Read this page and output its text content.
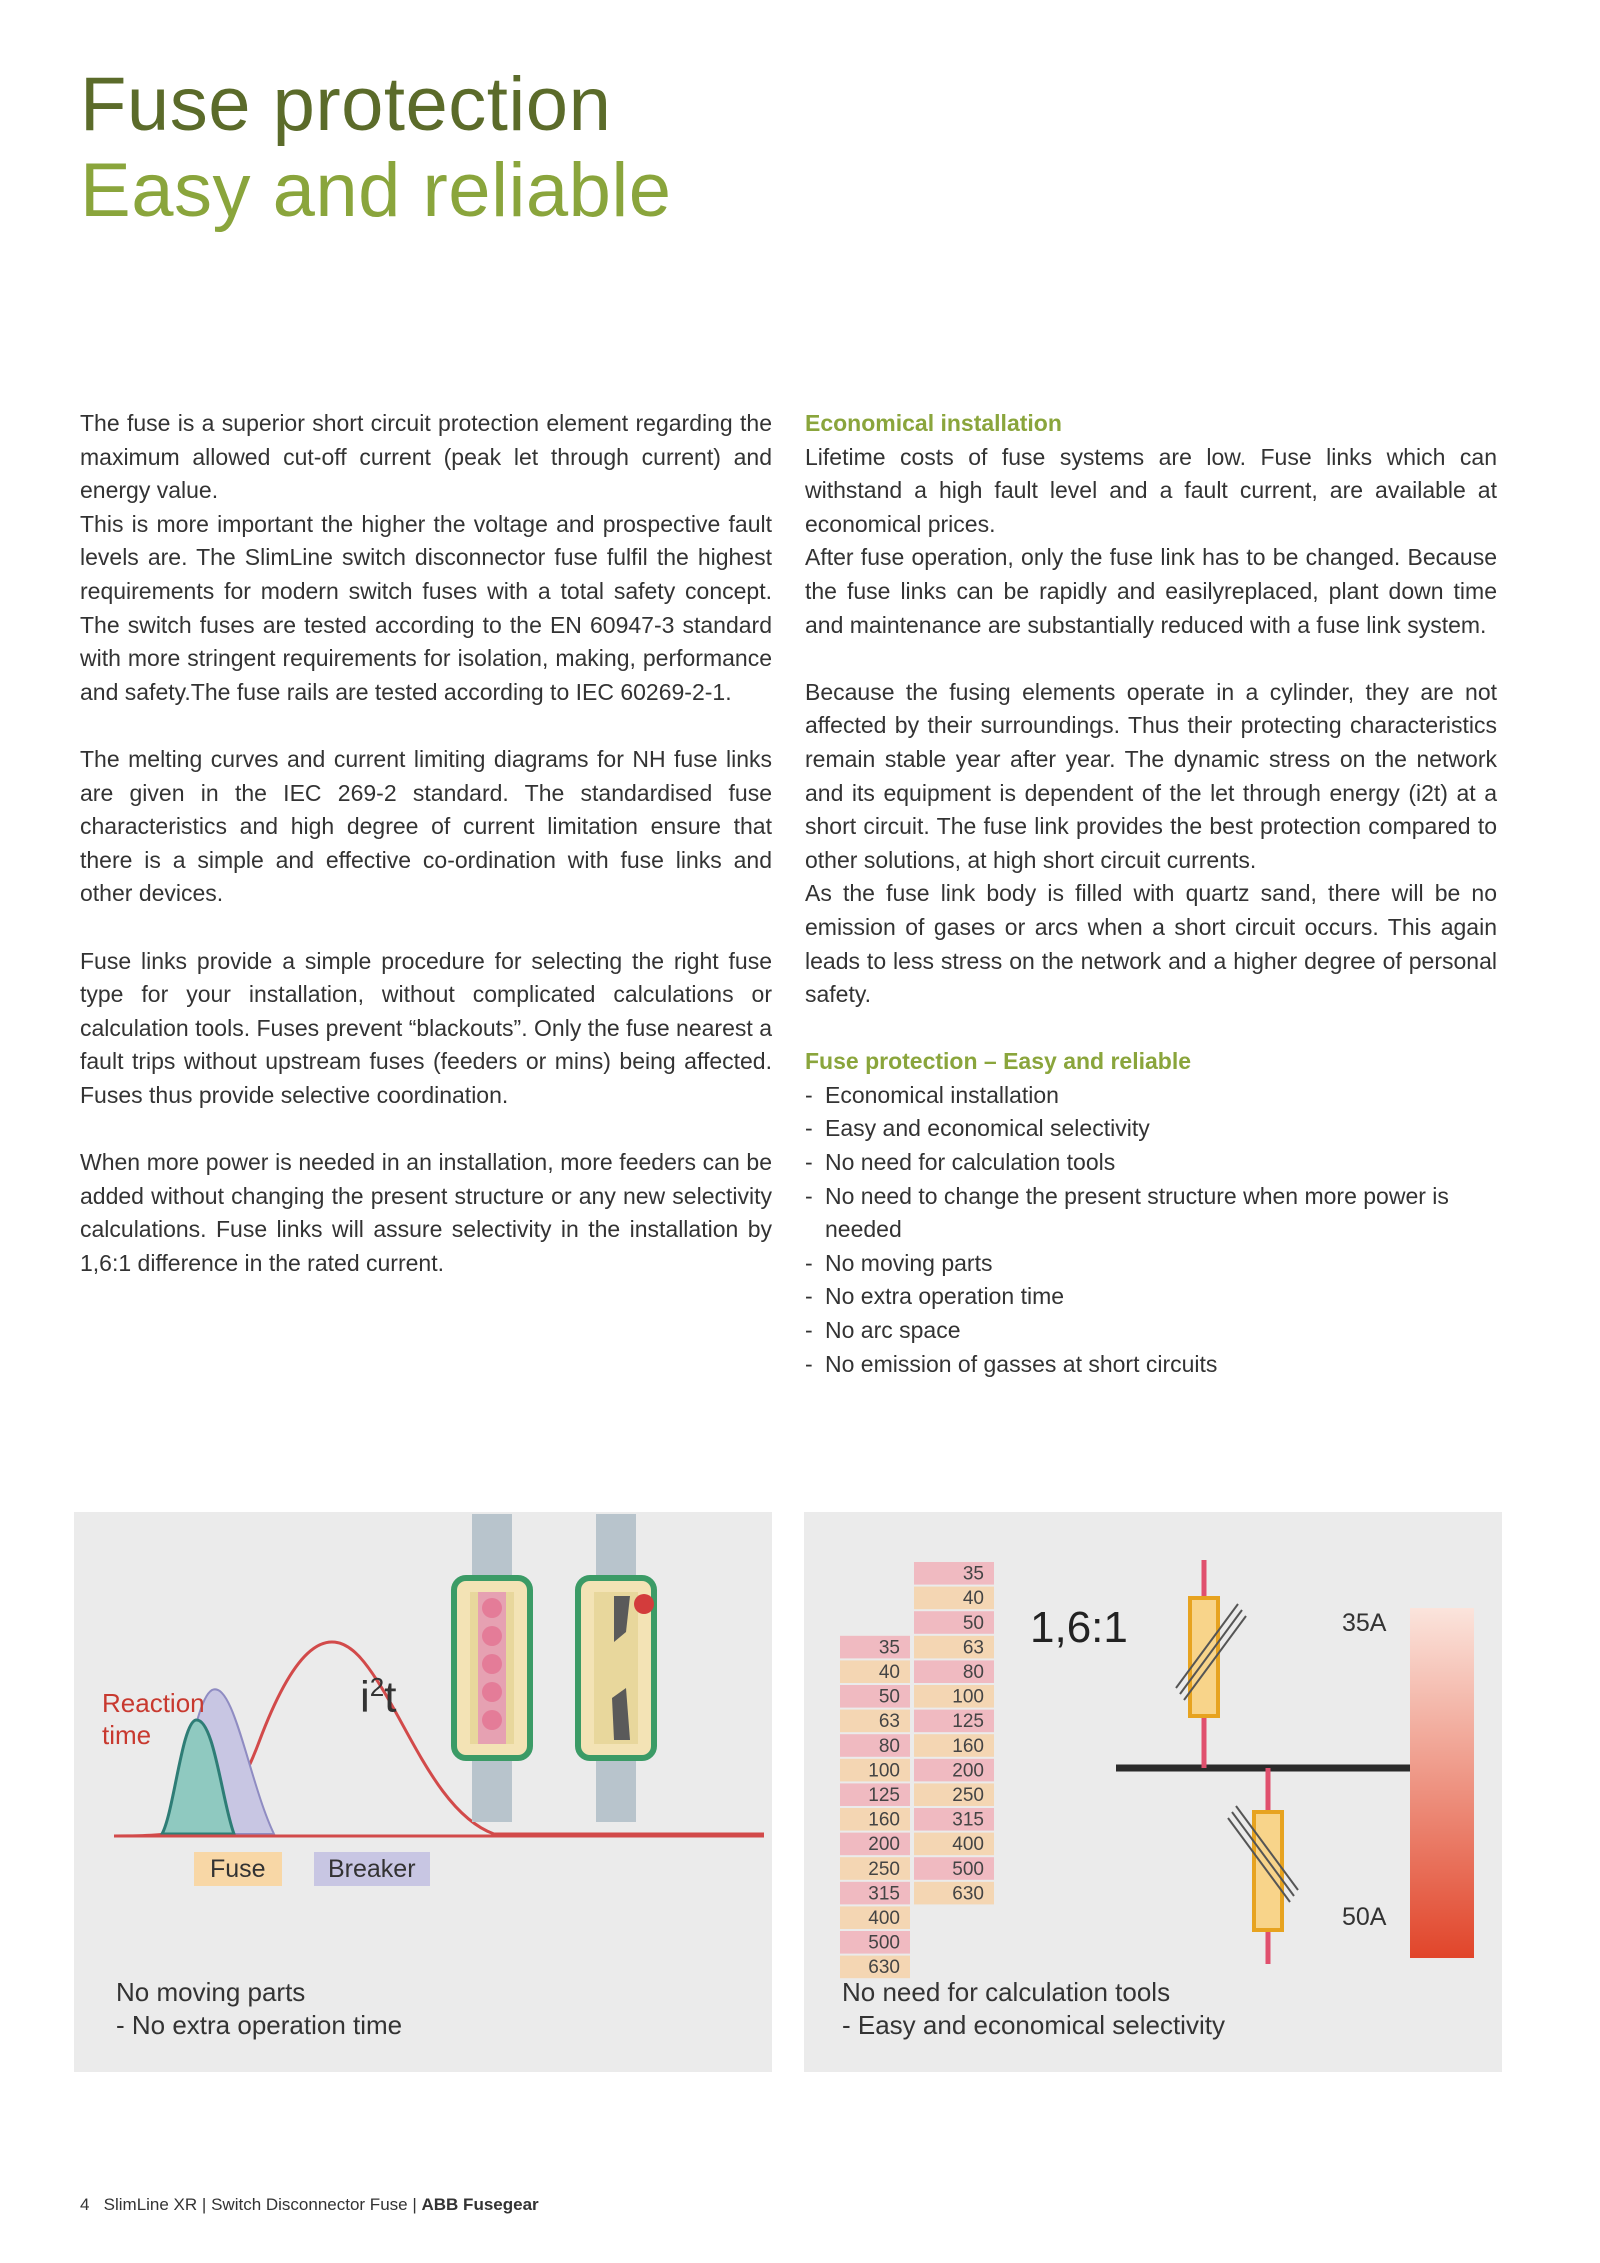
Fuse protection
Easy and reliable

The fuse is a superior short circuit protection element regarding the maximum allowed cut-off current (peak let through current) and energy value.

This is more important the higher the voltage and prospective fault levels are. The SlimLine switch disconnector fuse fulfil the highest requirements for modern switch fuses with a total safety concept. The switch fuses are tested according to the EN 60947-3 standard with more stringent requirements for isolation, making, performance and safety.The fuse rails are tested according to IEC 60269-2-1.

The melting curves and current limiting diagrams for NH fuse links are given in the IEC 269-2 standard. The standardised fuse characteristics and high degree of current limitation ensure that there is a simple and effective co-ordination with fuse links and other devices.

Fuse links provide a simple procedure for selecting the right fuse type for your installation, without complicated calculations or calculation tools. Fuses prevent “blackouts”. Only the fuse nearest a fault trips without upstream fuses (feeders or mins) being affected. Fuses thus provide selective coordination.

When more power is needed in an installation, more feeders can be added without changing the present structure or any new selectivity calculations. Fuse links will assure selectivity in the installation by 1,6:1 difference in the rated current.

Economical installation

Lifetime costs of fuse systems are low. Fuse links which can withstand a high fault level and a fault current, are available at economical prices.

After fuse operation, only the fuse link has to be changed. Because the fuse links can be rapidly and easilyreplaced, plant down time and maintenance are substantially reduced with a fuse link system.

Because the fusing elements operate in a cylinder, they are not affected by their surroundings. Thus their protecting characteristics remain stable year after year. The dynamic stress on the network and its equipment is dependent of the let through energy (i2t) at a short circuit. The fuse link provides the best protection compared to other solutions, at high short circuit currents.

As the fuse link body is filled with quartz sand, there will be no emission of gases or arcs when a short circuit occurs. This again leads to less stress on the network and a higher degree of personal safety.

Fuse protection – Easy and reliable
- Economical installation
- Easy and economical selectivity
- No need for calculation tools
- No need to change the present structure when more power is needed
- No moving parts
- No extra operation time
- No arc space
- No emission of gasses at short circuits
Reaction
time
$i^2t$
Fuse	Breaker
No moving parts
- No extra operation time
35
40
50
63
80
100
125
160
200
250
315
400
500
630
35
40
50
63
80
100
125
160
200
250
315
400
500
630
1,6:1	35A
50A
No need for calculation tools
- Easy and economical selectivity
4 SlimLine XR | Switch Disconnector Fuse | ABB Fusegear
